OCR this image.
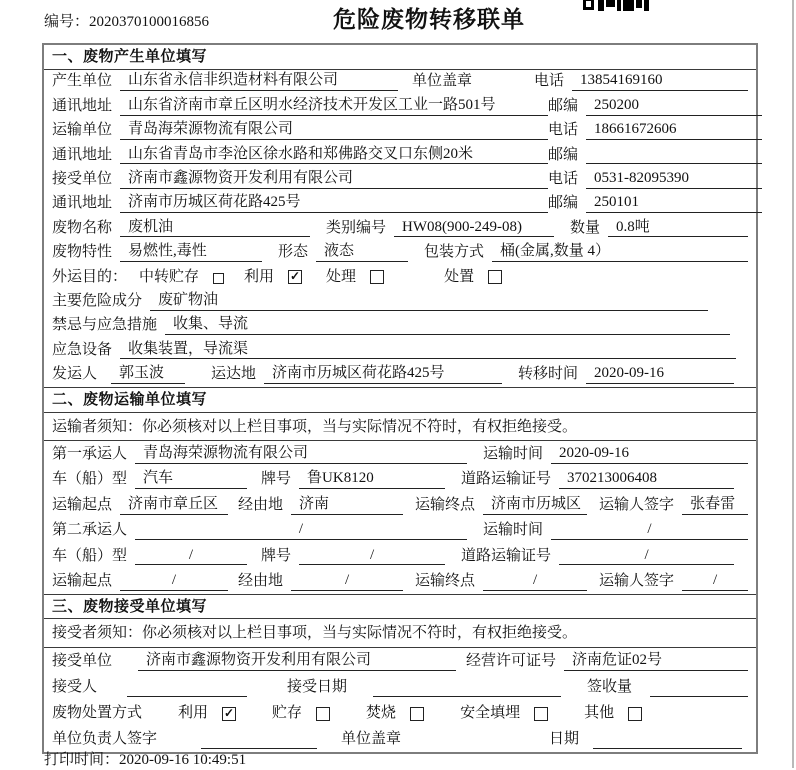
编号：2020370100016856	危险废物转移联单
一、废物产生单位填写
产生单位	山东省永信非织造材料有限公司	单位盖章	电话	13854169160
通讯地址	山东省济南市章丘区明水经济技术开发区工业一路501号	邮编	250200
运输单位	青岛海荣源物流有限公司	电话	18661672606
通讯地址	山东省青岛市李沧区徐水路和郑佛路交叉口东侧20米	邮编
接受单位	济南市鑫源物资开发利用有限公司	电话	0531-82095390
通讯地址	济南市历城区荷花路425号	邮编	250101
废物名称	废机油	类别编号	HW08(900-249-08)	数量	0.8吨
废物特性	易燃性,毒性	形态	液态	包装方式	桶(金属,数量 4）
外运目的： 中转贮存	利用 ✓ 处理	处置
主要危险成分	废矿物油
禁忌与应急措施	收集、导流
应急设备	收集装置，导流渠
发运人	郭玉波	运达地	济南市历城区荷花路425号	转移时间	2020-09-16
二、废物运输单位填写
运输者须知：你必须核对以上栏目事项，当与实际情况不符时，有权拒绝接受。
第一承运人	青岛海荣源物流有限公司	运输时间	2020-09-16
车（船）型	汽车	牌号	鲁UK8120	道路运输证号	370213006408
运输起点	济南市章丘区	经由地	济南	运输终点	济南市历城区	运输人签字	张春雷
第二承运人	/	运输时间	/
车（船）型	/	牌号	/	道路运输证号	/
运输起点	/	经由地	/	运输终点	/	运输人签字	/
三、废物接受单位填写
接受者须知：你必须核对以上栏目事项，当与实际情况不符时，有权拒绝接受。
接受单位	济南市鑫源物资开发利用有限公司	经营许可证号	济南危证02号
接受人	接受日期	签收量
废物处置方式 利用 ✓	贮存	焚烧	安全填埋	其他
单位负责人签字	单位盖章	日期
打印时间：2020-09-16 10:49:51
